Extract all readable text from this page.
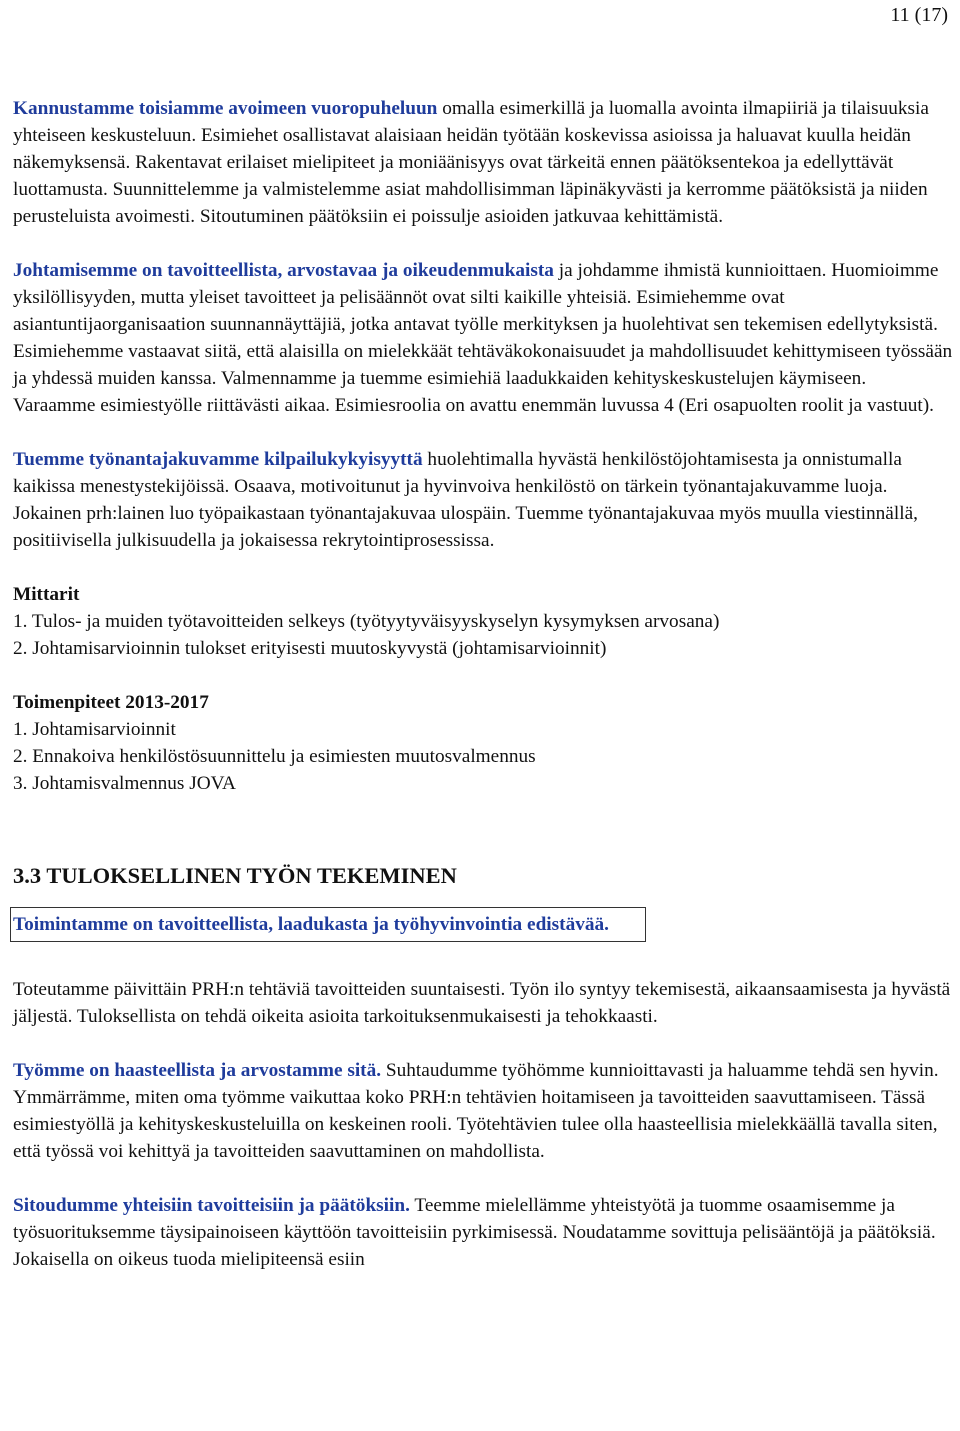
11 (17)

Kannustamme toisiamme avoimeen vuoropuheluun omalla esimerkillä ja luomalla avointa ilmapiiriä ja tilaisuuksia yhteiseen keskusteluun. Esimiehet osallistavat alaisiaan heidän työtään koskevissa asioissa ja haluavat kuulla heidän näkemyksensä. Rakentavat erilaiset mielipiteet ja moniäänisyys ovat tärkeitä ennen päätöksentekoa ja edellyttävät luottamusta. Suunnittelemme ja valmistelemme asiat mahdollisimman läpinäkyvästi ja kerromme päätöksistä ja niiden perusteluista avoimesti. Sitoutuminen päätöksiin ei poissulje asioiden jatkuvaa kehittämistä.

Johtamisemme on tavoitteellista, arvostavaa ja oikeudenmukaista ja johdamme ihmistä kunnioittaen. Huomioimme yksilöllisyyden, mutta yleiset tavoitteet ja pelisäännöt ovat silti kaikille yhteisiä. Esimiehemme ovat asiantuntijaorganisaation suunnannäyttäjiä, jotka antavat työlle merkityksen ja huolehtivat sen tekemisen edellytyksistä. Esimiehemme vastaavat siitä, että alaisilla on mielekkäät tehtäväkokonaisuudet ja mahdollisuudet kehittymiseen työssään ja yhdessä muiden kanssa. Valmennamme ja tuemme esimiehiä laadukkaiden kehityskeskustelujen käymiseen. Varaamme esimiestyölle riittävästi aikaa. Esimiesroolia on avattu enemmän luvussa 4 (Eri osapuolten roolit ja vastuut).

Tuemme työnantajakuvamme kilpailukykyisyyttä huolehtimalla hyvästä henkilöstöjohtamisesta ja onnistumalla kaikissa menestystekijöissä. Osaava, motivoitunut ja hyvinvoiva henkilöstö on tärkein työnantajakuvamme luoja. Jokainen prh:lainen luo työpaikastaan työnantajakuvaa ulospäin. Tuemme työnantajakuvaa myös muulla viestinnällä, positiivisella julkisuudella ja jokaisessa rekrytointiprosessissa.

Mittarit

1. Tulos- ja muiden työtavoitteiden selkeys (työtyytyväisyyskyselyn kysymyksen arvosana)

2. Johtamisarvioinnin tulokset erityisesti muutoskyvystä (johtamisarvioinnit)

Toimenpiteet 2013-2017

1. Johtamisarvioinnit

2. Ennakoiva henkilöstösuunnittelu ja esimiesten muutosvalmennus

3. Johtamisvalmennus JOVA

3.3 TULOKSELLINEN TYÖN TEKEMINEN
Toimintamme on tavoitteellista, laadukasta ja työhyvinvointia edistävää.

Toteutamme päivittäin PRH:n tehtäviä tavoitteiden suuntaisesti. Työn ilo syntyy tekemisestä, aikaansaamisesta ja hyvästä jäljestä. Tuloksellista on tehdä oikeita asioita tarkoituksenmukaisesti ja tehokkaasti.

Työmme on haasteellista ja arvostamme sitä. Suhtaudumme työhömme kunnioittavasti ja haluamme tehdä sen hyvin. Ymmärrämme, miten oma työmme vaikuttaa koko PRH:n tehtävien hoitamiseen ja tavoitteiden saavuttamiseen. Tässä esimiestyöllä ja kehityskeskusteluilla on keskeinen rooli. Työtehtävien tulee olla haasteellisia mielekkäällä tavalla siten, että työssä voi kehittyä ja tavoitteiden saavuttaminen on mahdollista.

Sitoudumme yhteisiin tavoitteisiin ja päätöksiin. Teemme mielellämme yhteistyötä ja tuomme osaamisemme ja työsuorituksemme täysipainoiseen käyttöön tavoitteisiin pyrkimisessä. Noudatamme sovittuja pelisääntöjä ja päätöksiä. Jokaisella on oikeus tuoda mielipiteensä esiin
